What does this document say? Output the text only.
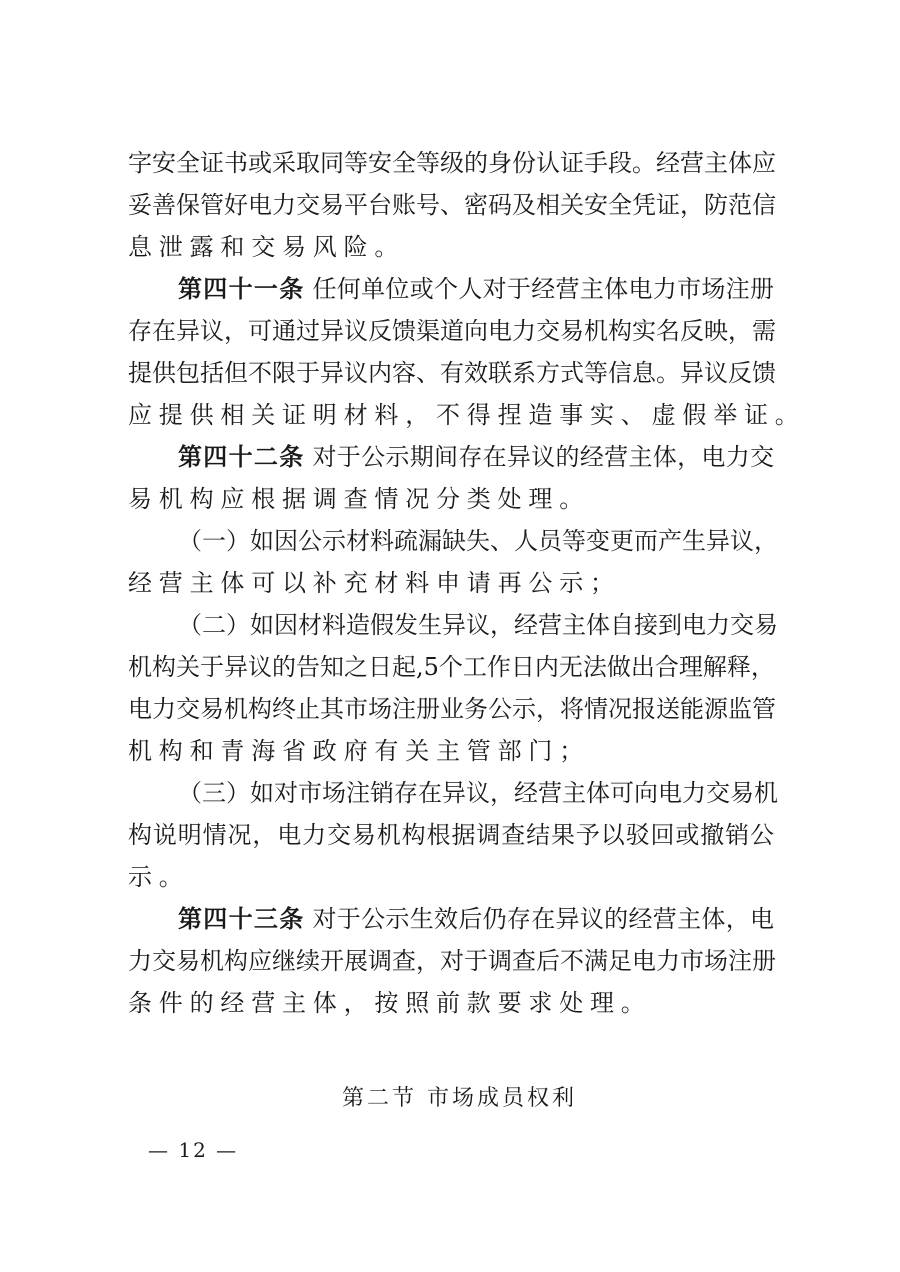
字安全证书或采取同等安全等级的身份认证手段。经营主体应
妥善保管好电力交易平台账号、密码及相关安全凭证，防范信
息泄露和交易风险。
第四十一条 任何单位或个人对于经营主体电力市场注册
存在异议，可通过异议反馈渠道向电力交易机构实名反映，需
提供包括但不限于异议内容、有效联系方式等信息。异议反馈
应提供相关证明材料，不得捏造事实、虚假举证。
第四十二条 对于公示期间存在异议的经营主体，电力交
易机构应根据调查情况分类处理。
（一）如因公示材料疏漏缺失、人员等变更而产生异议，
经营主体可以补充材料申请再公示；
（二）如因材料造假发生异议，经营主体自接到电力交易
机构关于异议的告知之日起,5个工作日内无法做出合理解释，
电力交易机构终止其市场注册业务公示，将情况报送能源监管
机构和青海省政府有关主管部门；
（三）如对市场注销存在异议，经营主体可向电力交易机
构说明情况，电力交易机构根据调查结果予以驳回或撤销公
示。
第四十三条 对于公示生效后仍存在异议的经营主体，电
力交易机构应继续开展调查，对于调查后不满足电力市场注册
条件的经营主体，按照前款要求处理。
第二节 市场成员权利
— 12 —
